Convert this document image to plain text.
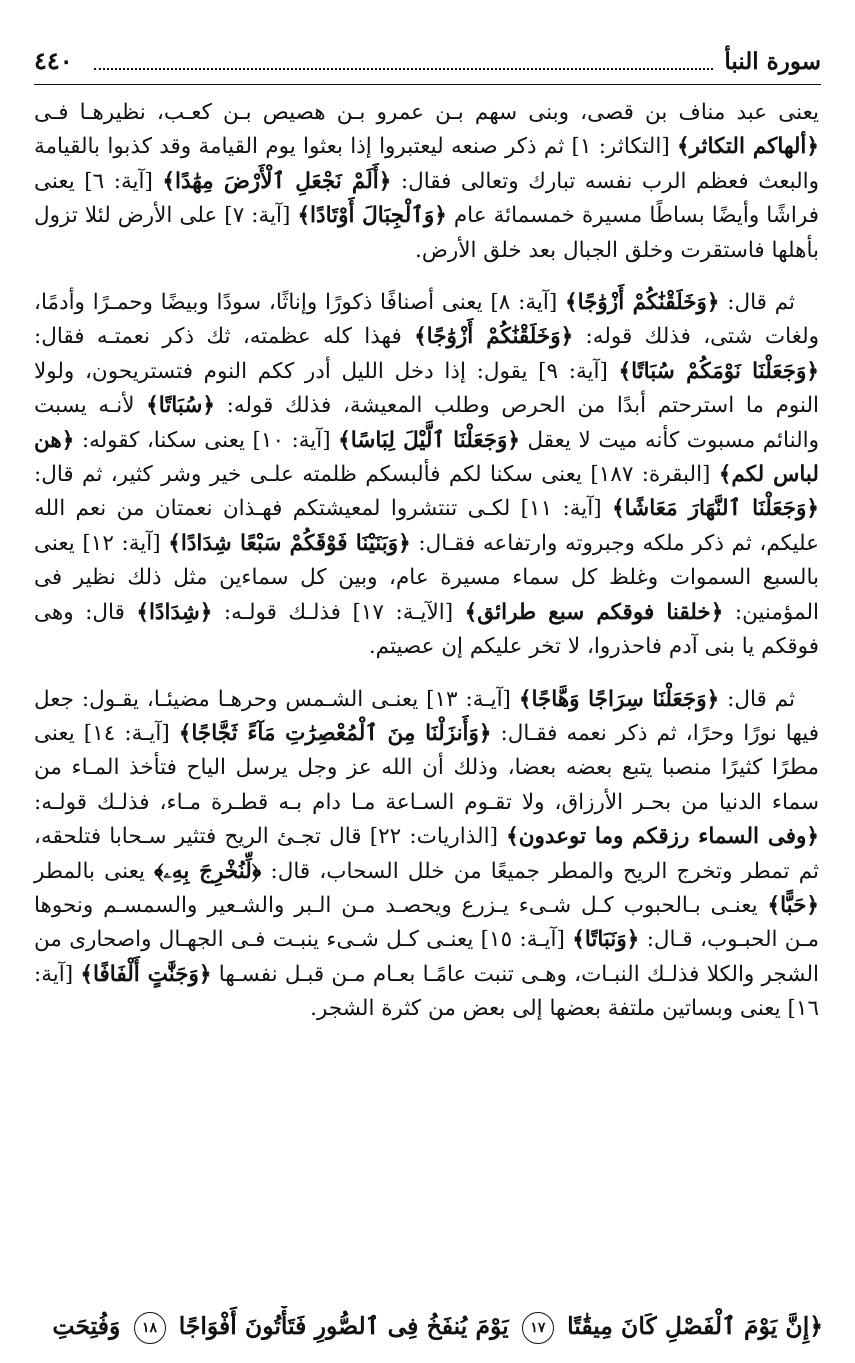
سورة النبأ
٤٤٠

يعنى عبد مناف بن قصى، وبنى سهم بـن عمرو بـن هصيص بـن كعـب، نظيرهـا فـى ﴿ألهاكم التكاثر﴾ [التكاثر: ١] ثم ذكر صنعه ليعتبروا إذا بعثوا يوم القيامة وقد كذبوا بالقيامة والبعث فعظم الرب نفسه تبارك وتعالى فقال: ﴿أَلَمْ نَجْعَلِ ٱلْأَرْضَ مِهَٰدًا﴾ [آية: ٦] يعنى فراشًا وأيضًا بساطًا مسيرة خمسمائة عام ﴿وَٱلْجِبَالَ أَوْتَادًا﴾ [آية: ٧] على الأرض لئلا تزول بأهلها فاستقرت وخلق الجبال بعد خلق الأرض.

ثم قال: ﴿وَخَلَقْنَٰكُمْ أَزْوَٰجًا﴾ [آية: ٨] يعنى أصنافًا ذكورًا وإناثًا، سودًا وبيضًا وحمـرًا وأدمًا، ولغات شتى، فذلك قوله: ﴿وَخَلَقْنَٰكُمْ أَزْوَٰجًا﴾ فهذا كله عظمته، ثك ذكر نعمتـه فقال: ﴿وَجَعَلْنَا نَوْمَكُمْ سُبَاتًا﴾ [آية: ٩] يقول: إذا دخل الليل أدر ككم النوم فتستريحون، ولولا النوم ما استرحتم أبدًا من الحرص وطلب المعيشة، فذلك قوله: ﴿سُبَاتًا﴾ لأنـه يسبت والنائم مسبوت كأنه ميت لا يعقل ﴿وَجَعَلْنَا ٱلَّيْلَ لِبَاسًا﴾ [آية: ١٠] يعنى سكنا، كقوله: ﴿هن لباس لكم﴾ [البقرة: ١٨٧] يعنى سكنا لكم فألبسكم ظلمته علـى خير وشر كثير، ثم قال: ﴿وَجَعَلْنَا ٱلنَّهَارَ مَعَاشًا﴾ [آية: ١١] لكـى تنتشروا لمعيشتكم فهـذان نعمتان من نعم الله عليكم، ثم ذكر ملكه وجبروته وارتفاعه فقـال: ﴿وَبَنَيْنَا فَوْقَكُمْ سَبْعًا شِدَادًا﴾ [آية: ١٢] يعنى بالسبع السموات وغلظ كل سماء مسيرة عام، وبين كل سماءين مثل ذلك نظير فى المؤمنين: ﴿خلقنا فوقكم سبع طرائق﴾ [الآيـة: ١٧] فذلـك قولـه: ﴿شِدَادًا﴾ قال: وهى فوقكم يا بنى آدم فاحذروا، لا تخر عليكم إن عصيتم.

ثم قال: ﴿وَجَعَلْنَا سِرَاجًا وَهَّاجًا﴾ [آيـة: ١٣] يعنـى الشـمس وحرهـا مضيئـا، يقـول: جعل فيها نورًا وحرًا، ثم ذكر نعمه فقـال: ﴿وَأَنزَلْنَا مِنَ ٱلْمُعْصِرَٰتِ مَآءً ثَجَّاجًا﴾ [آيـة: ١٤] يعنى مطرًا كثيرًا منصبا يتبع بعضه بعضا، وذلك أن الله عز وجل يرسل الياح فتأخذ المـاء من سماء الدنيا من بحـر الأرزاق، ولا تقـوم السـاعة مـا دام بـه قطـرة مـاء، فذلـك قولـه: ﴿وفى السماء رزقكم وما توعدون﴾ [الذاريات: ٢٢] قال تجـئ الريح فتثير سـحابا فتلحقه، ثم تمطر وتخرج الريح والمطر جميعًا من خلل السحاب، قال: ﴿لِّنُخْرِجَ بِهِۦ﴾ يعنى بالمطر ﴿حَبًّا﴾ يعنـى بـالحبوب كـل شـىء يـزرع ويحصـد مـن الـبر والشـعير والسمسـم ونحوها مـن الحبـوب، قـال: ﴿وَنَبَاتًا﴾ [آيـة: ١٥] يعنـى كـل شـىء ينبـت فـى الجهـال واصحارى من الشجر والكلا فذلـك النبـات، وهـى تنبت عامًـا بعـام مـن قبـل نفسـها ﴿وَجَنَّٰتٍ أَلْفَافًا﴾ [آية: ١٦] يعنى وبساتين ملتفة بعضها إلى بعض من كثرة الشجر.

﴿إِنَّ يَوْمَ ٱلْفَصْلِ كَانَ مِيقَٰتًا ١٧ يَوْمَ يُنفَخُ فِى ٱلصُّورِ فَتَأْتُونَ أَفْوَاجًا ١٨ وَفُتِحَتِ
